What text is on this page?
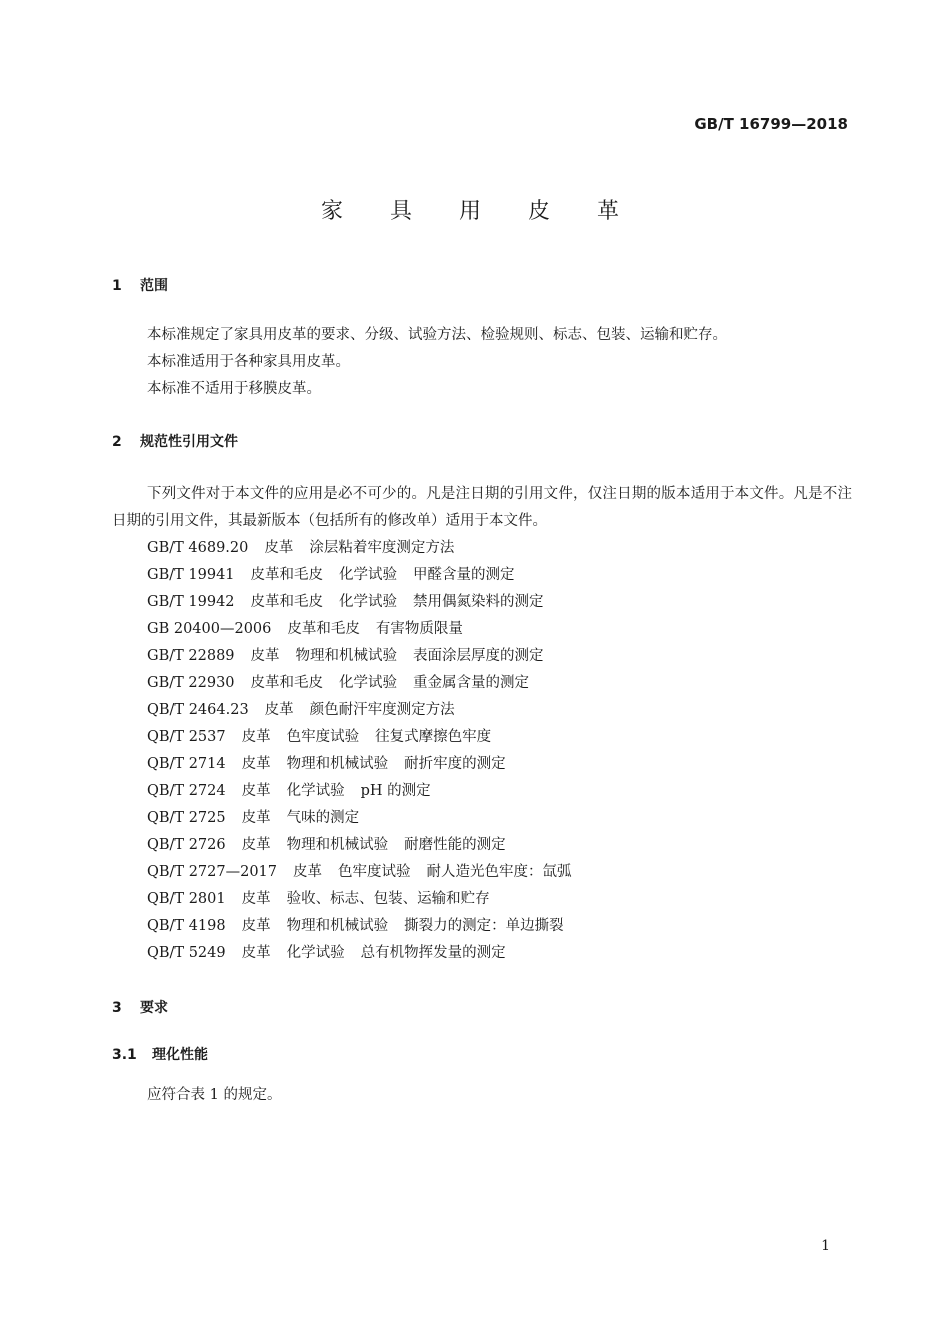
GB/T 16799—2018
家 具 用 皮 革
1 范围
本标准规定了家具用皮革的要求、分级、试验方法、检验规则、标志、包装、运输和贮存。
本标准适用于各种家具用皮革。
本标准不适用于移膜皮革。
2 规范性引用文件
下列文件对于本文件的应用是必不可少的。凡是注日期的引用文件，仅注日期的版本适用于本文件。凡是不注日期的引用文件，其最新版本（包括所有的修改单）适用于本文件。
GB/T 4689.20 皮革 涂层粘着牢度测定方法
GB/T 19941 皮革和毛皮 化学试验 甲醛含量的测定
GB/T 19942 皮革和毛皮 化学试验 禁用偶氮染料的测定
GB 20400—2006 皮革和毛皮 有害物质限量
GB/T 22889 皮革 物理和机械试验 表面涂层厚度的测定
GB/T 22930 皮革和毛皮 化学试验 重金属含量的测定
QB/T 2464.23 皮革 颜色耐汗牢度测定方法
QB/T 2537 皮革 色牢度试验 往复式摩擦色牢度
QB/T 2714 皮革 物理和机械试验 耐折牢度的测定
QB/T 2724 皮革 化学试验 pH 的测定
QB/T 2725 皮革 气味的测定
QB/T 2726 皮革 物理和机械试验 耐磨性能的测定
QB/T 2727—2017 皮革 色牢度试验 耐人造光色牢度：氙弧
QB/T 2801 皮革 验收、标志、包装、运输和贮存
QB/T 4198 皮革 物理和机械试验 撕裂力的测定：单边撕裂
QB/T 5249 皮革 化学试验 总有机物挥发量的测定
3 要求
3.1 理化性能
应符合表 1 的规定。
1
